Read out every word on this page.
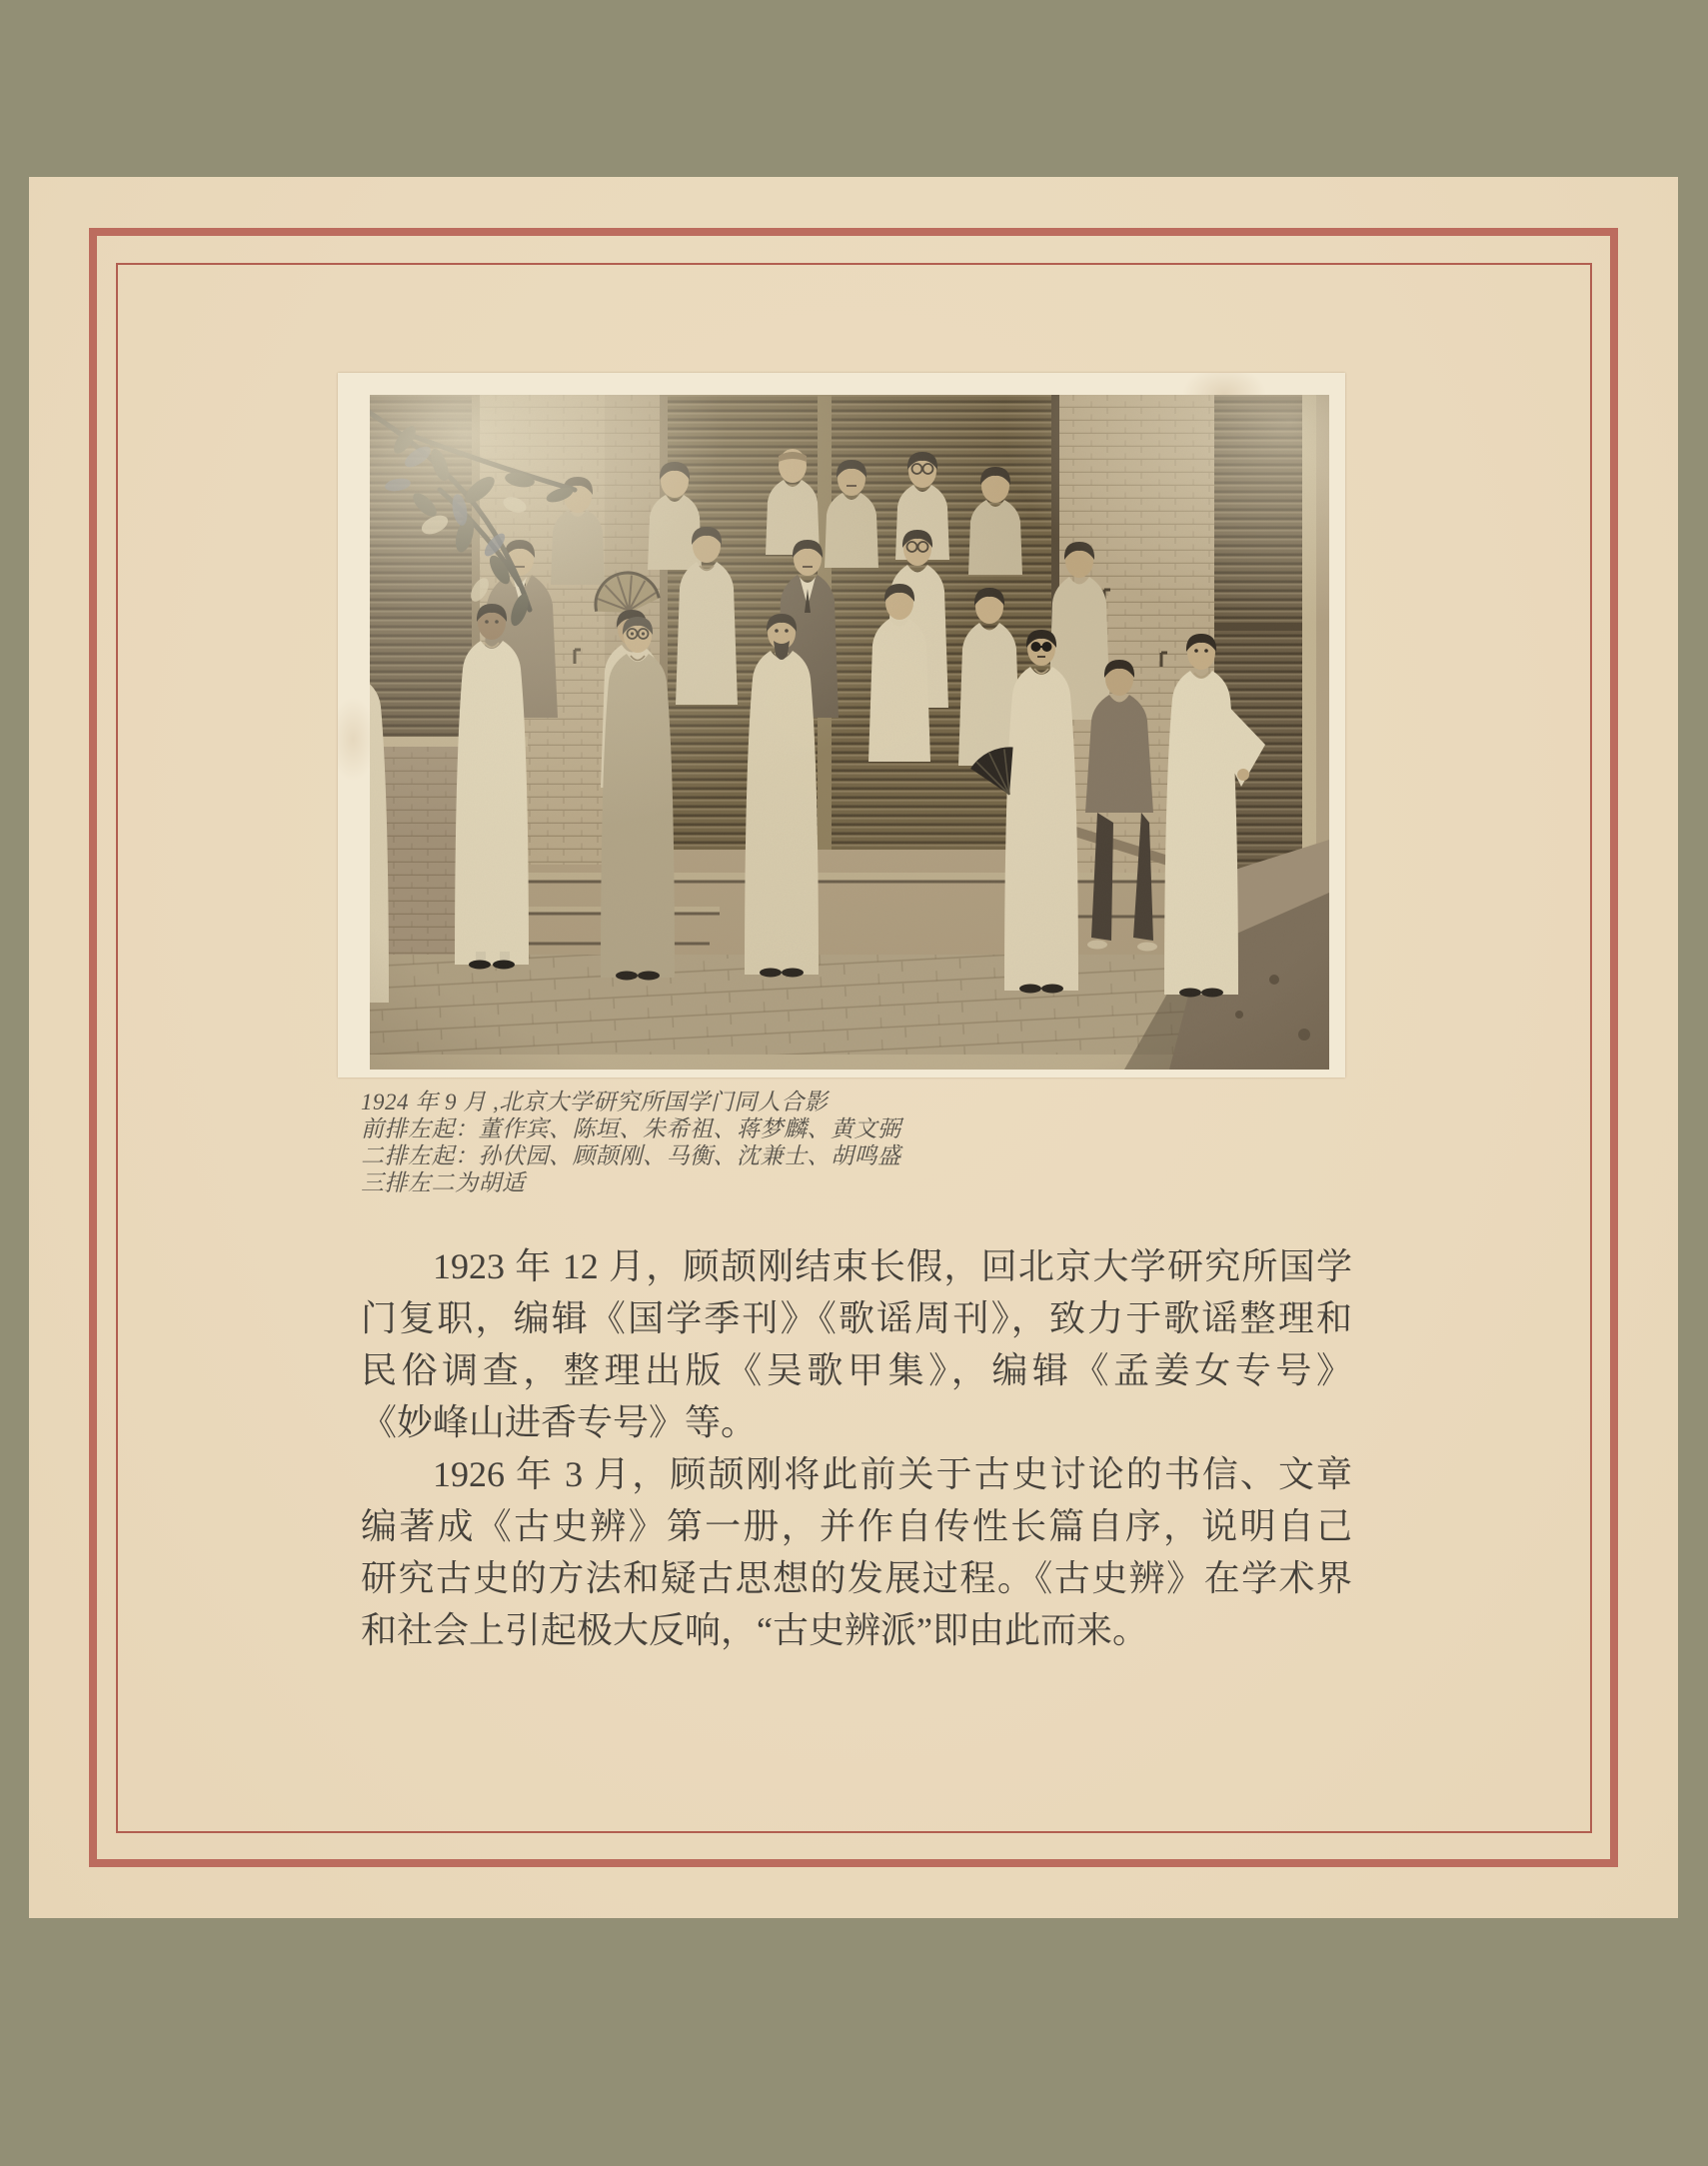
1924 年 9 月 ,北京大学研究所国学门同人合影
前排左起：董作宾、陈垣、朱希祖、蒋梦麟、黄文弼
二排左起：孙伏园、顾颉刚、马衡、沈兼士、胡鸣盛
三排左二为胡适
1923 年 12 月，顾颉刚结束长假，回北京大学研究所国学
门复职，编辑《国学季刊》《歌谣周刊》，致力于歌谣整理和
民俗调查，整理出版《吴歌甲集》，编辑《孟姜女专号》
《妙峰山进香专号》等。
1926 年 3 月，顾颉刚将此前关于古史讨论的书信、文章
编著成《古史辨》第一册，并作自传性长篇自序，说明自己
研究古史的方法和疑古思想的发展过程。《古史辨》在学术界
和社会上引起极大反响，“古史辨派”即由此而来。
